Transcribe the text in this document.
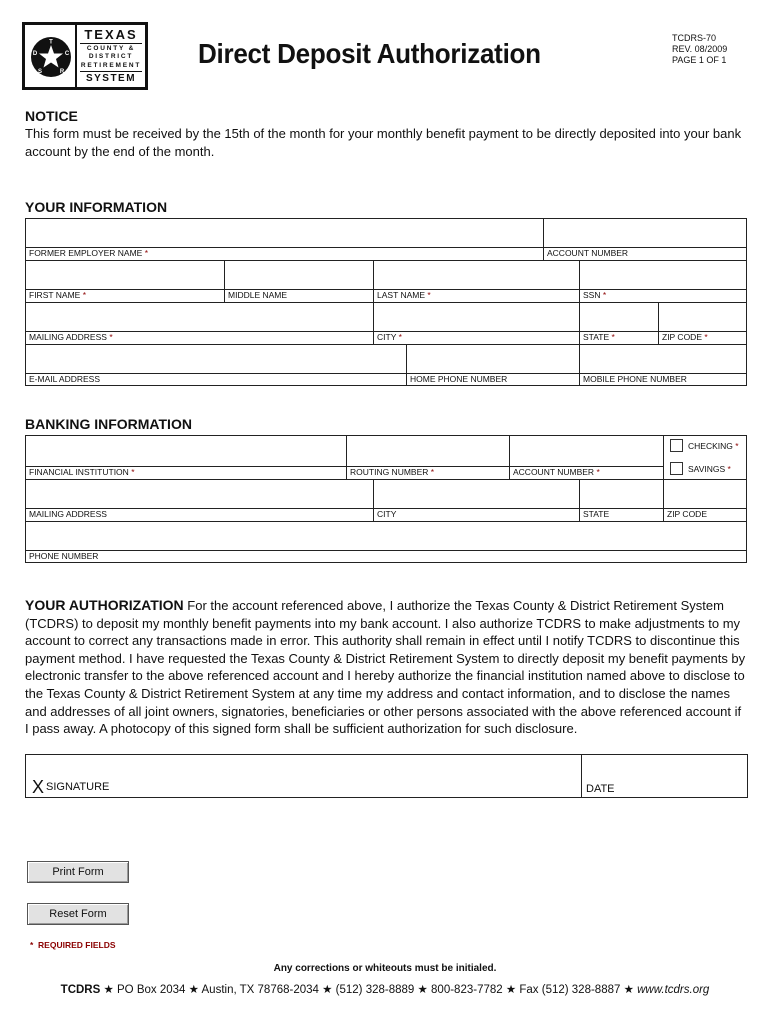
T
C
R
S
D
TEXAS
COUNTY &
DISTRICT
RETIREMENT
SYSTEM
Direct Deposit Authorization	TCDRS-70
REV. 08/2009
PAGE 1 OF 1
NOTICE
This form must be received by the 15th of the month for your monthly benefit payment to be directly deposited into your bank account by the end of the month.
YOUR INFORMATION
FORMER EMPLOYER NAME *	ACCOUNT NUMBER
FIRST NAME *	MIDDLE NAME	LAST NAME *	SSN *
MAILING ADDRESS *	CITY *	STATE *	ZIP CODE *
E-MAIL ADDRESS	HOME PHONE NUMBER	MOBILE PHONE NUMBER
BANKING INFORMATION
FINANCIAL INSTITUTION *	ROUTING NUMBER *	ACCOUNT NUMBER *
CHECKING *
SAVINGS *
MAILING ADDRESS	CITY	STATE	ZIP CODE
PHONE NUMBER
YOUR AUTHORIZATION For the account referenced above, I authorize the Texas County & District Retirement System (TCDRS) to deposit my monthly benefit payments into my bank account. I also authorize TCDRS to make adjustments to my account to correct any transactions made in error. This authority shall remain in effect until I notify TCDRS to discontinue this payment method. I have requested the Texas County & District Retirement System to directly deposit my benefit payments by electronic transfer to the above referenced account and I hereby authorize the financial institution named above to disclose to the Texas County & District Retirement System at any time my address and contact information, and to disclose the names and addresses of all joint owners, signatories, beneficiaries or other persons associated with the above referenced account if I pass away. A photocopy of this signed form shall be sufficient authorization for such disclosure.
X SIGNATURE	DATE
Print Form
Reset Form
* REQUIRED FIELDS
Any corrections or whiteouts must be initialed.
TCDRS ★ PO Box 2034 ★ Austin, TX 78768-2034 ★ (512) 328-8889 ★ 800-823-7782 ★ Fax (512) 328-8887 ★ www.tcdrs.org
